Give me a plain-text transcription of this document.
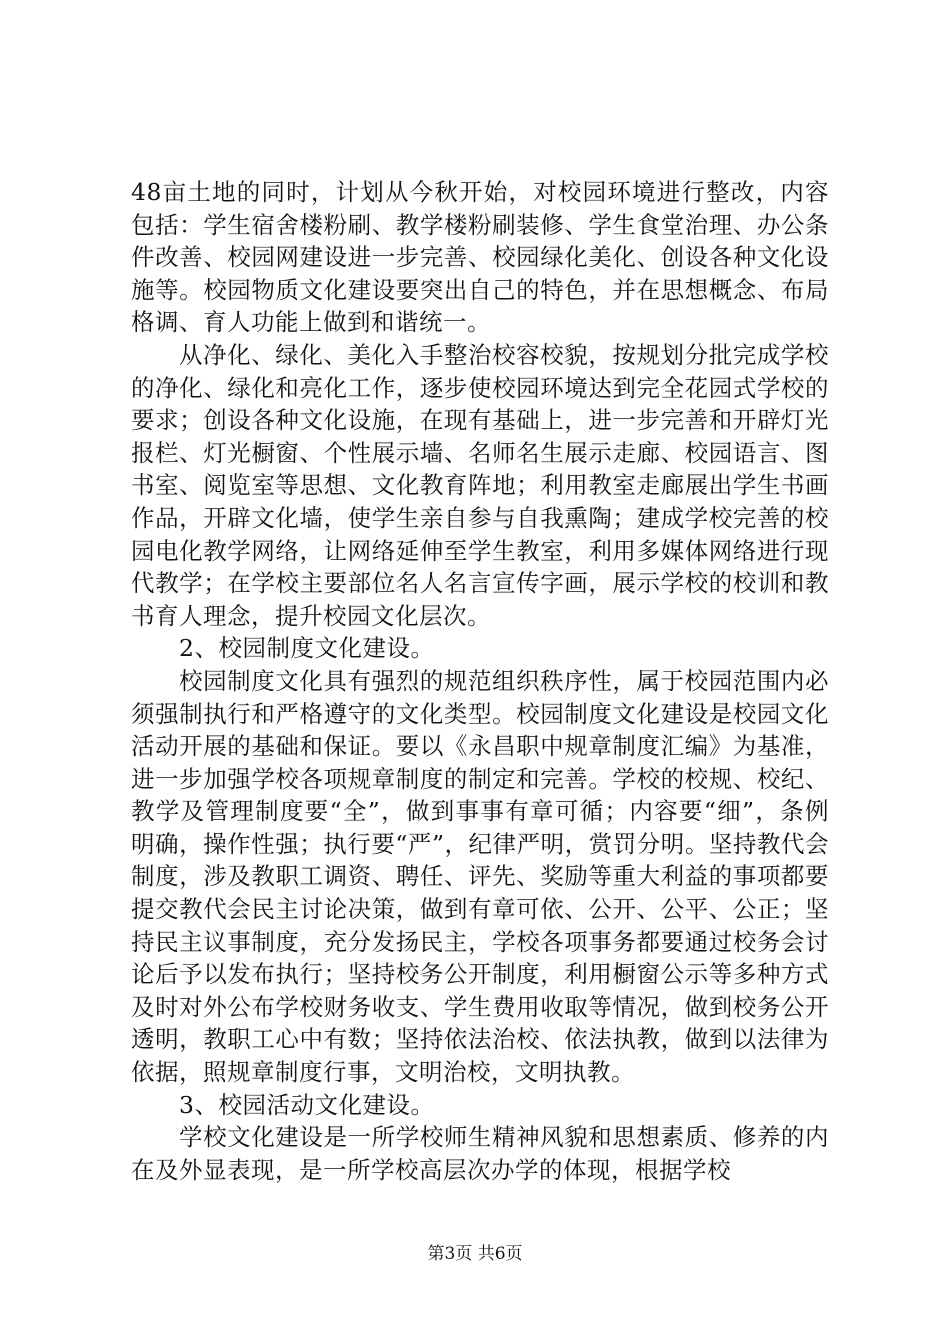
48亩土地的同时，计划从今秋开始，对校园环境进行整改，内容包括：学生宿舍楼粉刷、教学楼粉刷装修、学生食堂治理、办公条件改善、校园网建设进一步完善、校园绿化美化、创设各种文化设施等。校园物质文化建设要突出自己的特色，并在思想概念、布局格调、育人功能上做到和谐统一。

从净化、绿化、美化入手整治校容校貌，按规划分批完成学校的净化、绿化和亮化工作，逐步使校园环境达到完全花园式学校的要求；创设各种文化设施，在现有基础上，进一步完善和开辟灯光报栏、灯光橱窗、个性展示墙、名师名生展示走廊、校园语言、图书室、阅览室等思想、文化教育阵地；利用教室走廊展出学生书画作品，开辟文化墙，使学生亲自参与自我熏陶；建成学校完善的校园电化教学网络，让网络延伸至学生教室，利用多媒体网络进行现代教学；在学校主要部位名人名言宣传字画，展示学校的校训和教书育人理念，提升校园文化层次。

2、校园制度文化建设。

校园制度文化具有强烈的规范组织秩序性，属于校园范围内必须强制执行和严格遵守的文化类型。校园制度文化建设是校园文化活动开展的基础和保证。要以《永昌职中规章制度汇编》为基准，进一步加强学校各项规章制度的制定和完善。学校的校规、校纪、教学及管理制度要“全”，做到事事有章可循；内容要“细”，条例明确，操作性强；执行要“严”，纪律严明，赏罚分明。坚持教代会制度，涉及教职工调资、聘任、评先、奖励等重大利益的事项都要提交教代会民主讨论决策，做到有章可依、公开、公平、公正；坚持民主议事制度，充分发扬民主，学校各项事务都要通过校务会讨论后予以发布执行；坚持校务公开制度，利用橱窗公示等多种方式及时对外公布学校财务收支、学生费用收取等情况，做到校务公开透明，教职工心中有数；坚持依法治校、依法执教，做到以法律为依据，照规章制度行事，文明治校，文明执教。

3、校园活动文化建设。

学校文化建设是一所学校师生精神风貌和思想素质、修养的内在及外显表现，是一所学校高层次办学的体现，根据学校

第3页 共6页
